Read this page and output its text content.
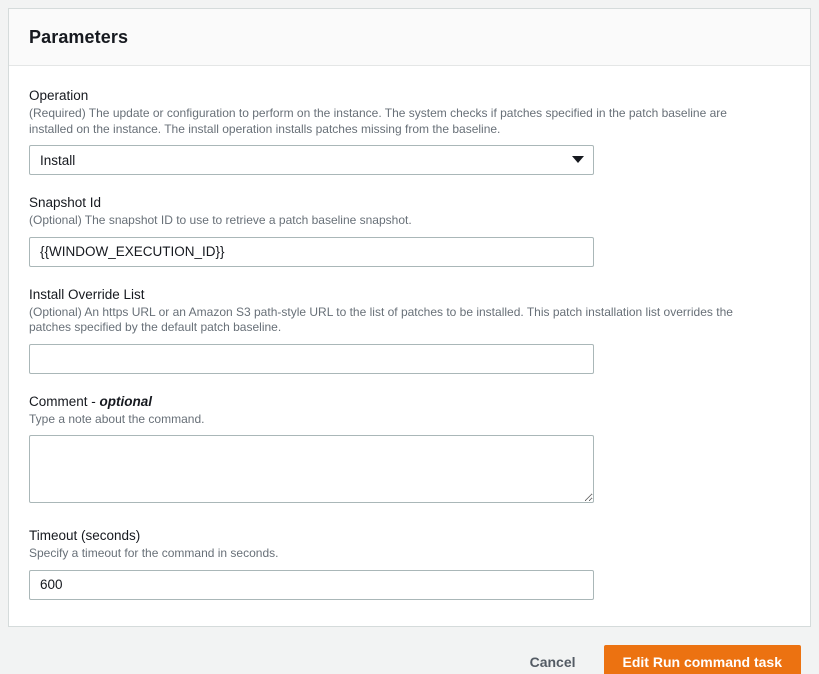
Parameters
Operation
(Required) The update or configuration to perform on the instance. The system checks if patches specified in the patch baseline are installed on the instance. The install operation installs patches missing from the baseline.
Install
Snapshot Id
(Optional) The snapshot ID to use to retrieve a patch baseline snapshot.
{{WINDOW_EXECUTION_ID}}
Install Override List
(Optional) An https URL or an Amazon S3 path-style URL to the list of patches to be installed. This patch installation list overrides the patches specified by the default patch baseline.
Comment - optional
Type a note about the command.
Timeout (seconds)
Specify a timeout for the command in seconds.
600
Cancel	Edit Run command task
